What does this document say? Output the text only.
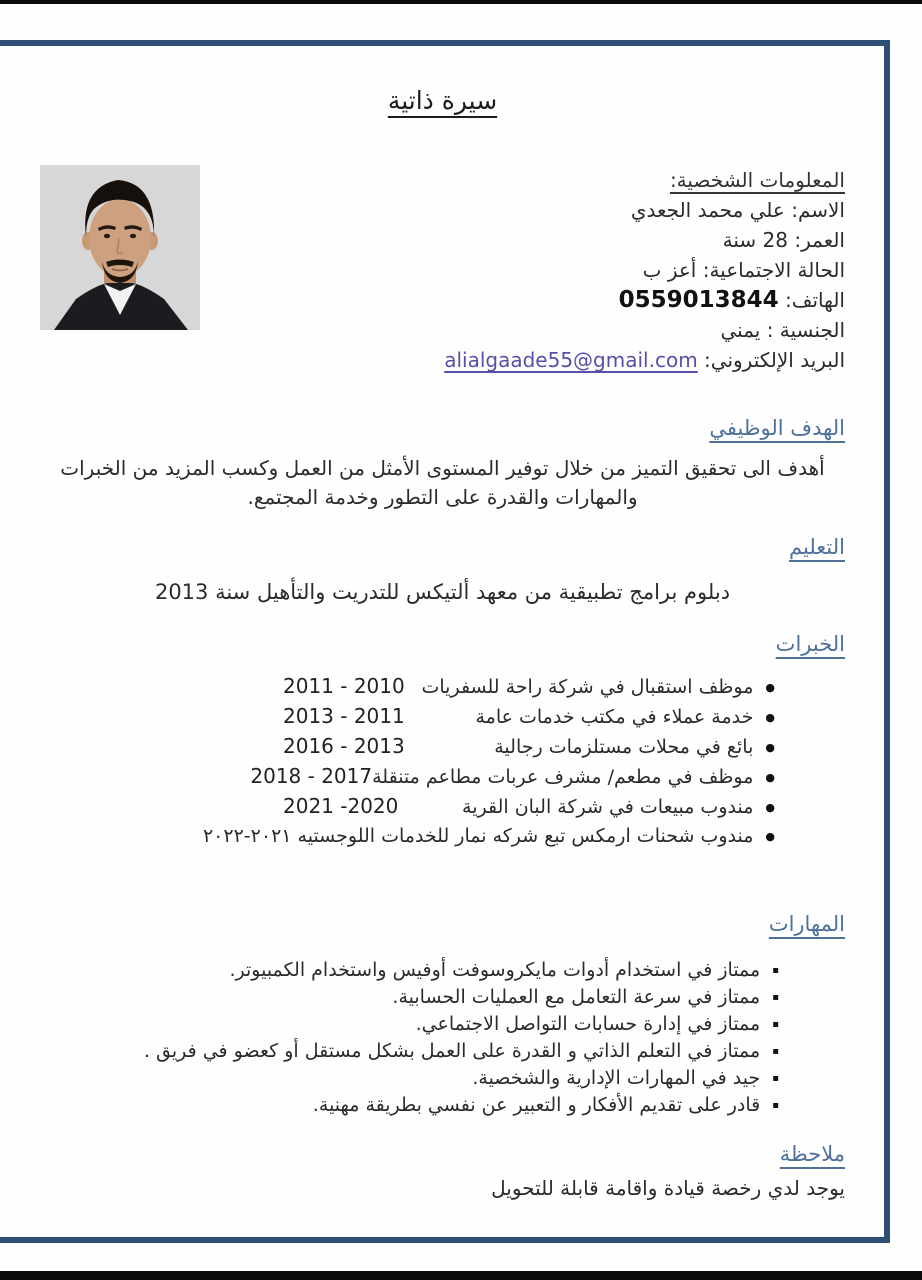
سيرة ذاتية
المعلومات الشخصية:
الاسم: علي محمد الجعدي
العمر: 28 سنة
الحالة الاجتماعية: أعز ب
الهاتف: 0559013844
الجنسية : يمني
البريد الإلكتروني: alialgaade55@gmail.com
الهدف الوظيفي

أهدف الى تحقيق التميز من خلال توفير المستوى الأمثل من العمل وكسب المزيد من الخبرات والمهارات والقدرة على التطور وخدمة المجتمع.

التعليم

دبلوم برامج تطبيقية من معهد ألتيكس للتدريت والتأهيل سنة 2013

الخبرات
●موظف استقبال في شركة راحة للسفريات
2011 - 2010
●خدمة عملاء في مكتب خدمات عامة
2013 - 2011
●بائع في محلات مستلزمات رجالية
2016 - 2013
●موظف في مطعم/ مشرف عربات مطاعم متنقلة
2018 - 2017
●مندوب مبيعات في شركة البان القرية
2021 -2020
●مندوب شحنات ارمكس تبع شركه نمار للخدمات اللوجستيه ٢٠٢١-٢٠٢٢
المهارات
▪ممتاز في استخدام أدوات مايكروسوفت أوفيس واستخدام الكمبيوتر.
▪ممتاز في سرعة التعامل مع العمليات الحسابية.
▪ممتاز في إدارة حسابات التواصل الاجتماعي.
▪ممتاز في التعلم الذاتي و القدرة على العمل بشكل مستقل أو كعضو في فريق .
▪جيد في المهارات الإدارية والشخصية.
▪قادر على تقديم الأفكار و التعبير عن نفسي بطريقة مهنية.
ملاحظة
يوجد لدي رخصة قيادة واقامة قابلة للتحويل
